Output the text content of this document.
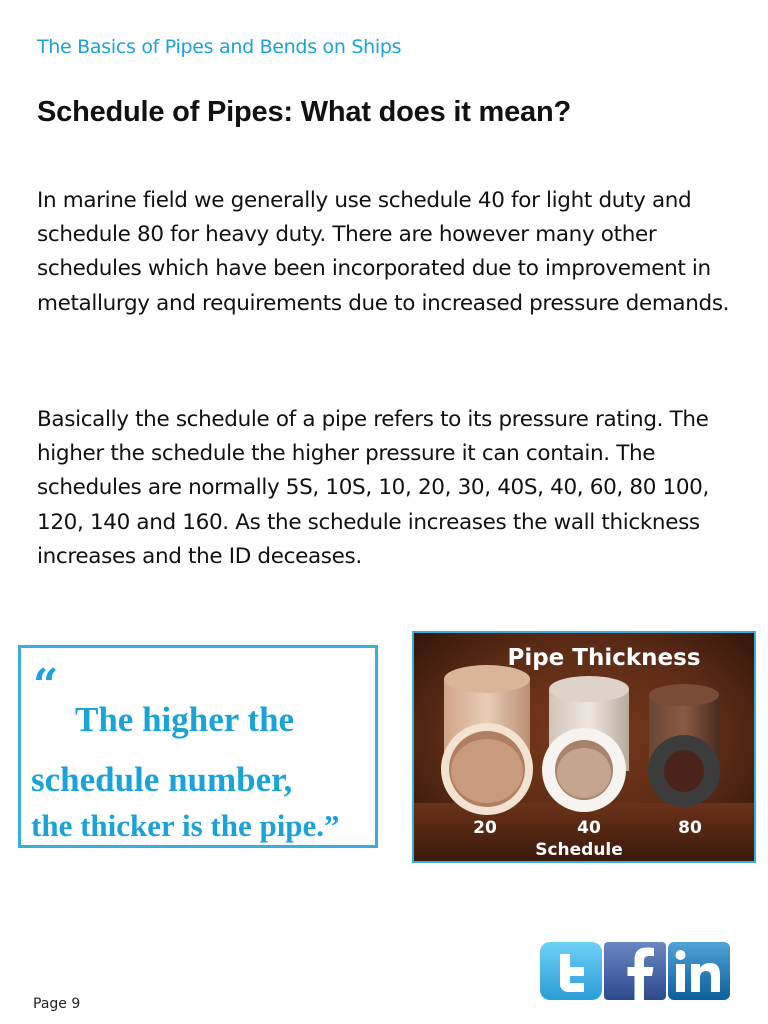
The Basics of Pipes and Bends on Ships
Schedule of Pipes: What does it mean?

In marine field we generally use schedule 40 for light duty and schedule 80 for heavy duty. There are however many other schedules which have been incorporated due to improvement in metallurgy and requirements due to increased pressure demands.

Basically the schedule of a pipe refers to its pressure rating. The higher the schedule the higher pressure it can contain. The schedules are normally 5S, 10S, 10, 20, 30, 40S, 40, 60, 80 100, 120, 140 and 160. As the schedule increases the wall thickness increases and the ID deceases.

“
The higher the
schedule number,
the thicker is the pipe.”
Pipe Thickness
20	40	80
Schedule
Page 9
